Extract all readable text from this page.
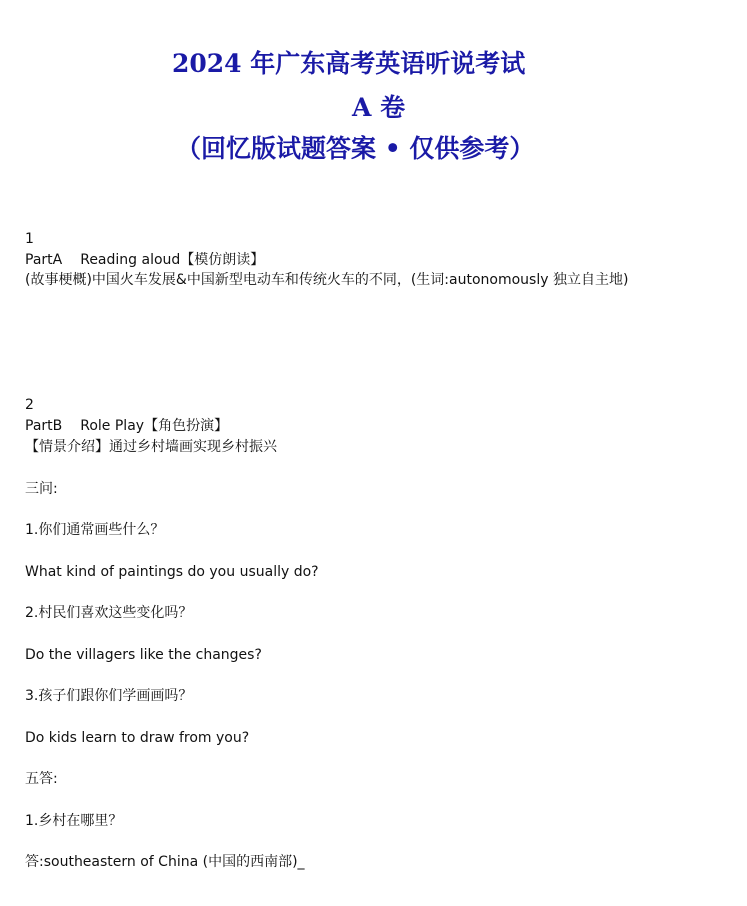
2024 年广东高考英语听说考试
A 卷
（回忆版试题答案 • 仅供参考）
1
PartA Reading aloud【模仿朗读】
(故事梗概)中国火车发展&中国新型电动车和传统火车的不同，(生词:autonomously 独立自主地)
2
PartB Role Play【角色扮演】
【情景介绍】通过乡村墙画实现乡村振兴
三问:
1.你们通常画些什么？
What kind of paintings do you usually do?
2.村民们喜欢这些变化吗？
Do the villagers like the changes?
3.孩子们跟你们学画画吗？
Do kids learn to draw from you?
五答:
1.乡村在哪里？
答:southeastern of China (中国的西南部)_
